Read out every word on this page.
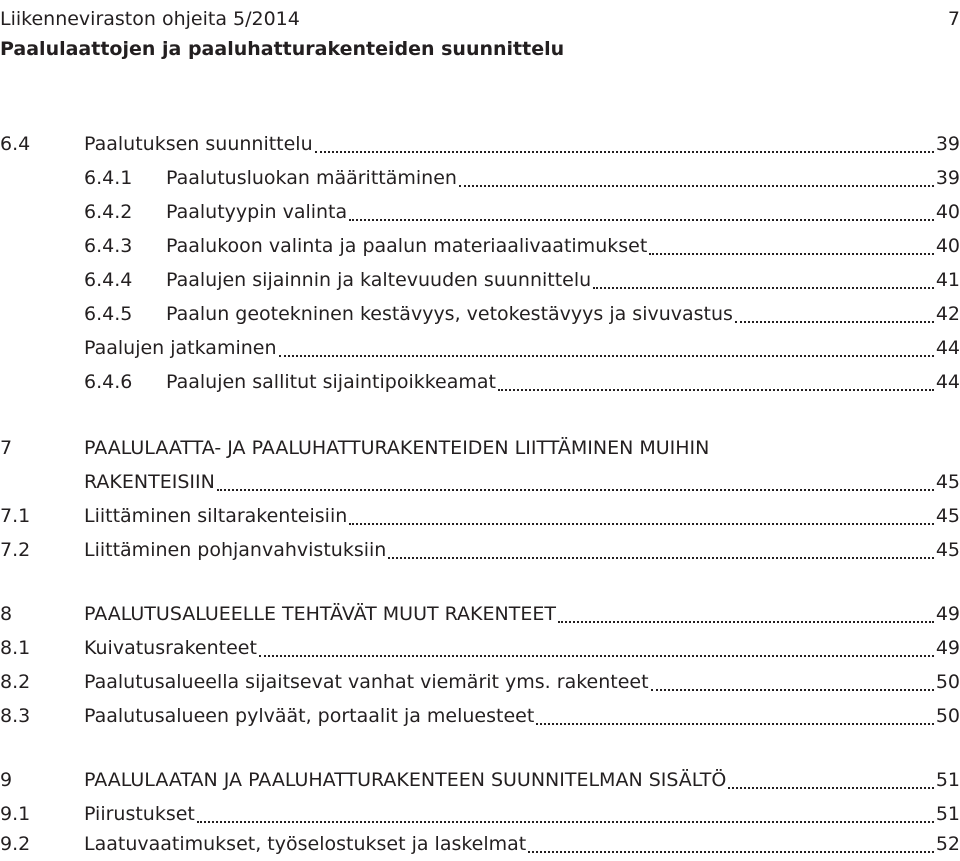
Liikenneviraston ohjeita 5/2014
Paalulaattojen ja paaluhatturakenteiden suunnittelu
7
6.4	Paalutuksen suunnittelu	39
6.4.1 Paalutusluokan määrittäminen	39
6.4.2 Paalutyypin valinta	40
6.4.3 Paalukoon valinta ja paalun materiaalivaatimukset	40
6.4.4 Paalujen sijainnin ja kaltevuuden suunnittelu	41
6.4.5 Paalun geotekninen kestävyys, vetokestävyys ja sivuvastus	42
Paalujen jatkaminen	44
6.4.6 Paalujen sallitut sijaintipoikkeamat	44
7	PAALULAATTA- JA PAALUHATTURAKENTEIDEN LIITTÄMINEN MUIHIN
RAKENTEISIIN	45
7.1	Liittäminen siltarakenteisiin	45
7.2	Liittäminen pohjanvahvistuksiin	45
8	PAALUTUSALUEELLE TEHTÄVÄT MUUT RAKENTEET	49
8.1	Kuivatusrakenteet	49
8.2	Paalutusalueella sijaitsevat vanhat viemärit yms. rakenteet	50
8.3	Paalutusalueen pylväät, portaalit ja meluesteet	50
9	PAALULAATAN JA PAALUHATTURAKENTEEN SUUNNITELMAN SISÄLTÖ	51
9.1	Piirustukset	51
9.2	Laatuvaatimukset, työselostukset ja laskelmat	52
